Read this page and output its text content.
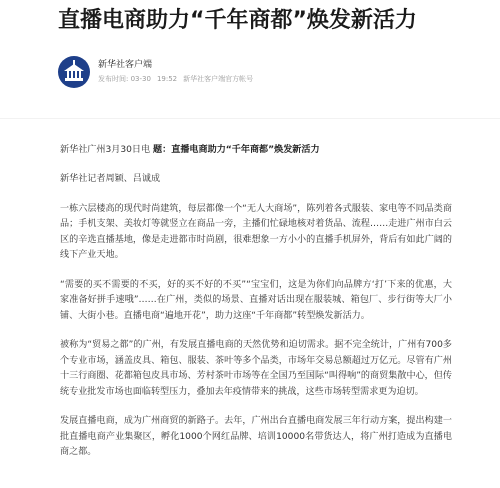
直播电商助力“千年商都”焕发新活力
新华社客户端
发布时间: 03-30 19:52 新华社客户端官方帐号
新华社广州3月30日电 题：直播电商助力“千年商都”焕发新活力
新华社记者周颖、吕诚成

一栋六层楼高的现代时尚建筑，每层都像一个“无人大商场”，陈列着各式服装、家电等不同品类商品；手机支架、美妆灯等就竖立在商品一旁，主播们忙碌地核对着货品、流程……走进广州市白云区的辛选直播基地，像是走进都市时尚剧，很难想象一方小小的直播手机屏外，背后有如此广阔的线下产业天地。

“需要的买不需要的不买，好的买不好的不买”“宝宝们，这是为你们向品牌方‘打’下来的优惠，大家准备好拼手速哦”……在广州，类似的场景、直播对话出现在服装城、箱包厂、步行街等大厂小铺、大街小巷。直播电商“遍地开花”，助力这座“千年商都”转型焕发新活力。

被称为“贸易之都”的广州，有发展直播电商的天然优势和迫切需求。据不完全统计，广州有700多个专业市场，涵盖皮具、箱包、服装、茶叶等多个品类，市场年交易总额超过万亿元。尽管有广州十三行商圈、花都箱包皮具市场、芳村茶叶市场等在全国乃至国际“叫得响”的商贸集散中心，但传统专业批发市场也面临转型压力，叠加去年疫情带来的挑战，这些市场转型需求更为迫切。

发展直播电商，成为广州商贸的新路子。去年，广州出台直播电商发展三年行动方案，提出构建一批直播电商产业集聚区，孵化1000个网红品牌、培训10000名带货达人，将广州打造成为直播电商之都。
